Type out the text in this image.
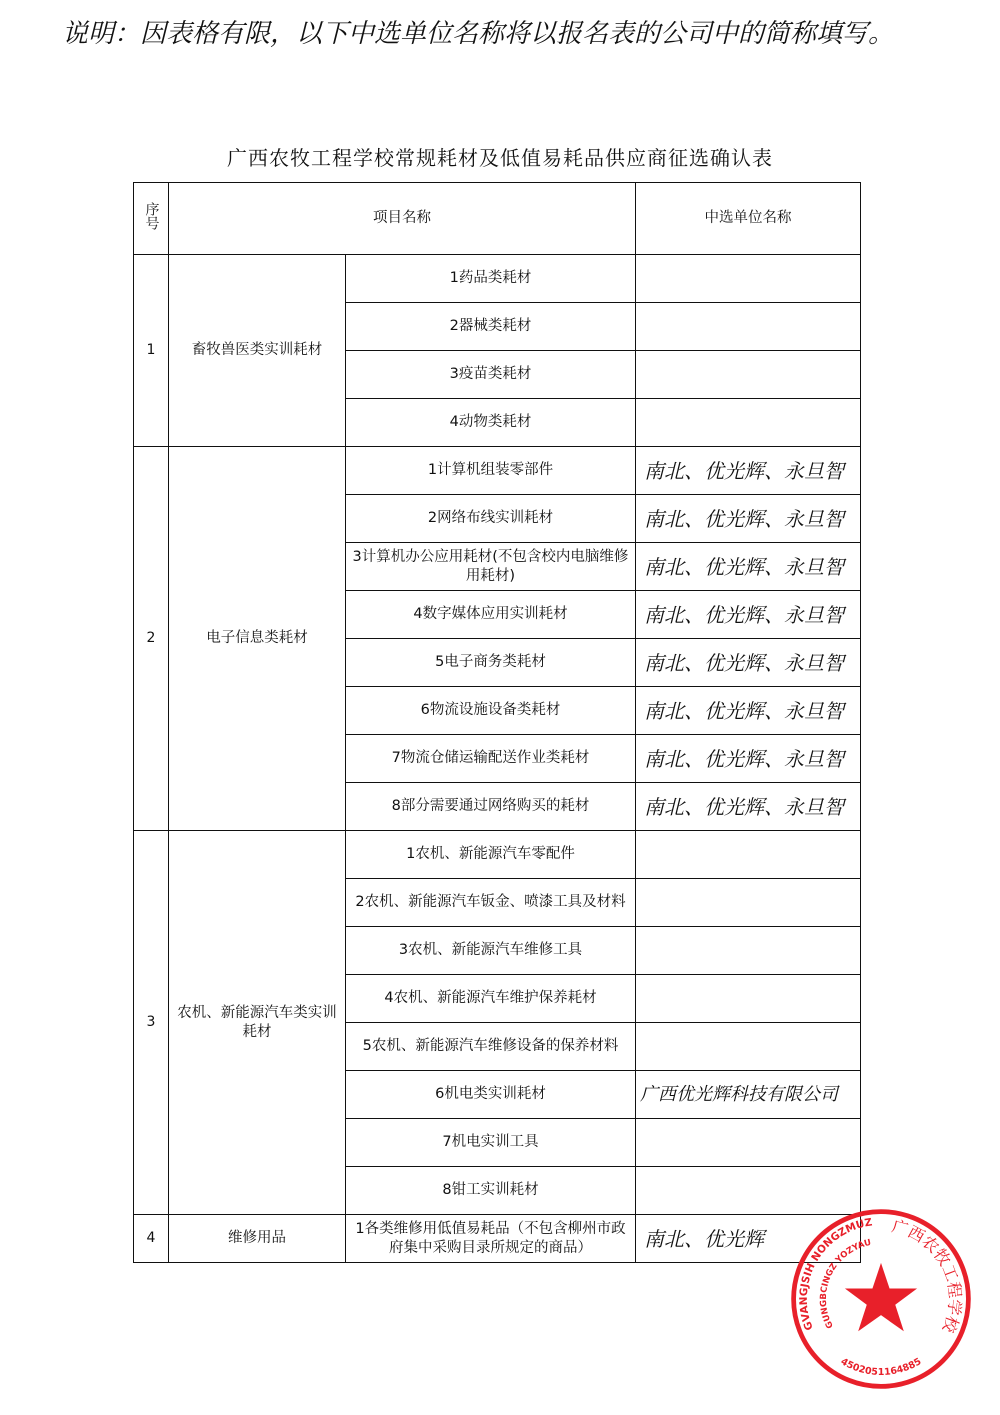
说明：因表格有限，以下中选单位名称将以报名表的公司中的简称填写。
广西农牧工程学校常规耗材及低值易耗品供应商征选确认表
序号	项目名称		中选单位名称
1	畜牧兽医类实训耗材	1药品类耗材	
		2器械类耗材	
		3疫苗类耗材	
		4动物类耗材	
2	电子信息类耗材	1计算机组装零部件	南北、优光辉、永旦智
		2网络布线实训耗材	南北、优光辉、永旦智
		3计算机办公应用耗材(不包含校内电脑维修用耗材)	南北、优光辉、永旦智
		4数字媒体应用实训耗材	南北、优光辉、永旦智
		5电子商务类耗材	南北、优光辉、永旦智
		6物流设施设备类耗材	南北、优光辉、永旦智
		7物流仓储运输配送作业类耗材	南北、优光辉、永旦智
		8部分需要通过网络购买的耗材	南北、优光辉、永旦智
3	农机、新能源汽车类实训耗材	1农机、新能源汽车零配件	
		2农机、新能源汽车钣金、喷漆工具及材料	
		3农机、新能源汽车维修工具	
		4农机、新能源汽车维护保养耗材	
		5农机、新能源汽车维修设备的保养材料	
		6机电类实训耗材	广西优光辉科技有限公司
		7机电实训工具	
		8钳工实训耗材	
4	维修用品	1各类维修用低值易耗品（不包含柳州市政府集中采购目录所规定的商品）	南北、优光辉
GVANGJSIH NONGZMUZ
GUNGBCINGZ YOZYAU
广西农牧工程学校
4502051164885
